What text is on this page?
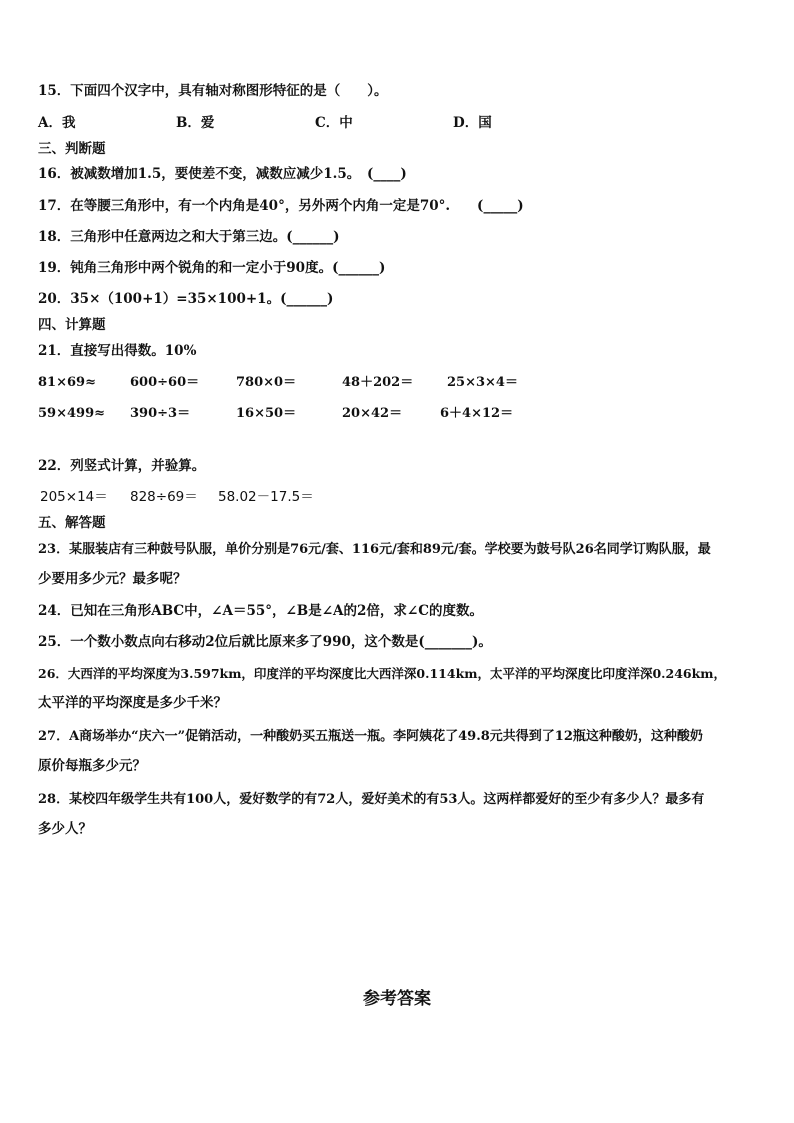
15．下面四个汉字中，具有轴对称图形特征的是（　　）。
A．我	B．爱	C．中	D．国
三、判断题
16．被减数增加1.5，要使差不变，减数应减少1.5。　(____)
17．在等腰三角形中，有一个内角是40°，另外两个内角一定是70°.　　(_____)
18．三角形中任意两边之和大于第三边。(______)
19．钝角三角形中两个锐角的和一定小于90度。(______)
20．35×（100+1）=35×100+1。(______)
四、计算题
21．直接写出得数。10%
81×69≈	600÷60＝	780×0＝	48＋202＝	25×3×4＝
59×499≈ 390÷3＝	16×50＝	20×42＝	6＋4×12＝
22．列竖式计算，并验算。
205×14＝ 828÷69＝ 58.02－17.5＝
五、解答题
23．某服装店有三种鼓号队服，单价分别是76元/套、116元/套和89元/套。学校要为鼓号队26名同学订购队服，最
少要用多少元？最多呢？
24．已知在三角形ABC中，∠A＝55°，∠B是∠A的2倍，求∠C的度数。
25．一个数小数点向右移动2位后就比原来多了990，这个数是(_______)。
26．大西洋的平均深度为3.597km，印度洋的平均深度比大西洋深0.114km，太平洋的平均深度比印度洋深0.246km，
太平洋的平均深度是多少千米？
27．A商场举办“庆六一”促销活动，一种酸奶买五瓶送一瓶。李阿姨花了49.8元共得到了12瓶这种酸奶，这种酸奶
原价每瓶多少元？
28．某校四年级学生共有100人，爱好数学的有72人，爱好美术的有53人。这两样都爱好的至少有多少人？最多有
多少人？
参考答案
